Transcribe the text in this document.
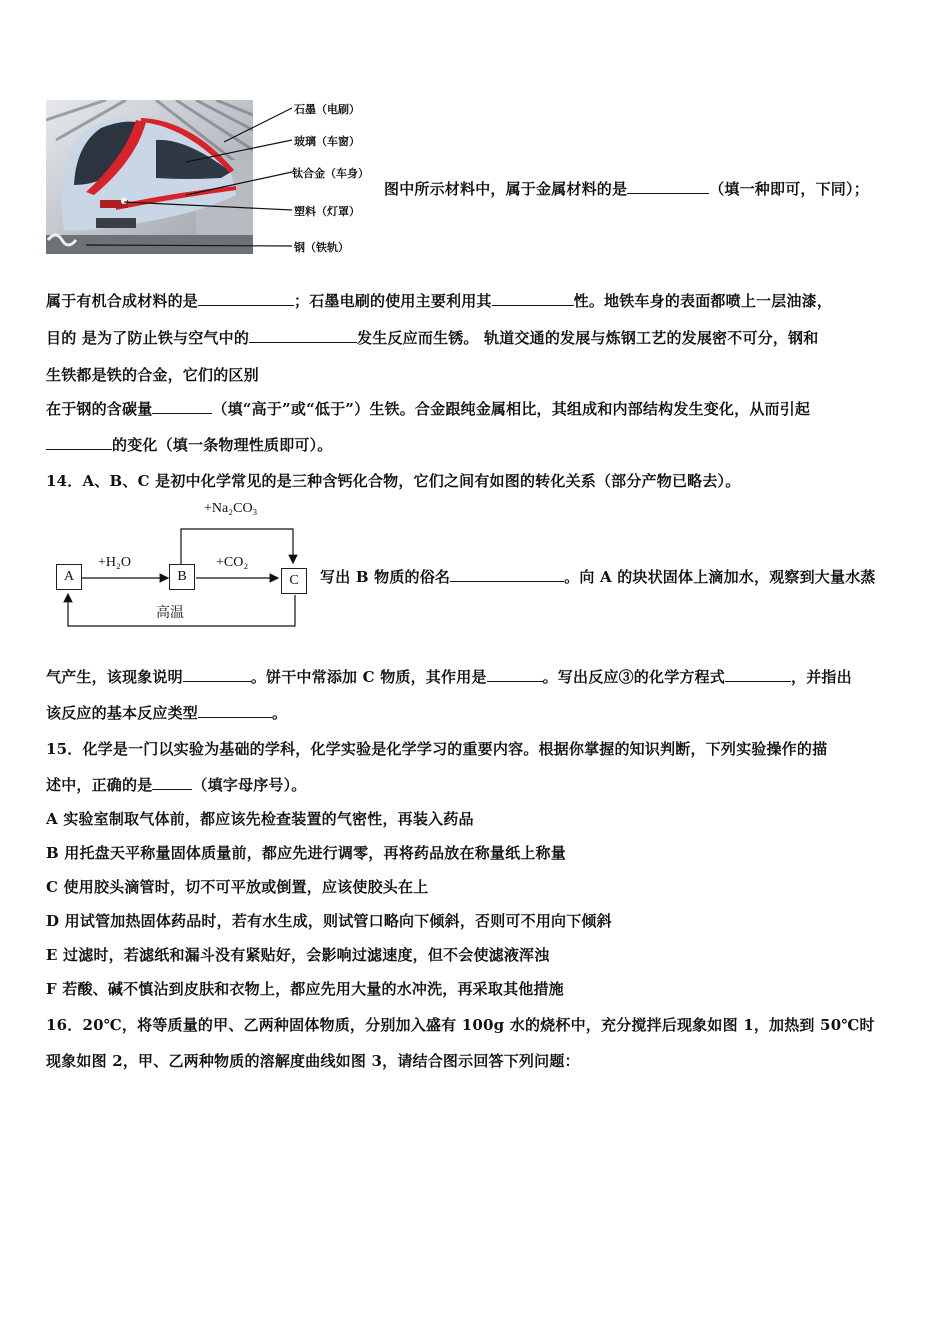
石墨（电刷）
玻璃（车窗）
钛合金（车身）
塑料（灯罩）
钢（铁轨）
图中所示材料中，属于金属材料的是	（填一种即可，下同）；
属于有机合成材料的是	；石墨电刷的使用主要利用其	性。地铁车身的表面都喷上一层油漆，
目的 是为了防止铁与空气中的	发生反应而生锈。 轨道交通的发展与炼钢工艺的发展密不可分，钢和
生铁都是铁的合金，它们的区别
在于钢的含碳量	（填“高于”或“低于”）生铁。合金跟纯金属相比，其组成和内部结构发生变化，从而引起
的变化（填一条物理性质即可）。
14．A、B、C 是初中化学常见的是三种含钙化合物，它们之间有如图的转化关系（部分产物已略去）。
A	B	C
+H₂O	+CO₂
+Na₂CO₃
高温
写出 B 物质的俗名	。向 A 的块状固体上滴加水，观察到大量水蒸
气产生，该现象说明	。饼干中常添加 C 物质，其作用是	。写出反应③的化学方程式	，并指出
该反应的基本反应类型	。
15．化学是一门以实验为基础的学科，化学实验是化学学习的重要内容。根据你掌握的知识判断，下列实验操作的描
述中，正确的是	（填字母序号）。
A 实验室制取气体前，都应该先检查装置的气密性，再装入药品
B 用托盘天平称量固体质量前，都应先进行调零，再将药品放在称量纸上称量
C 使用胶头滴管时，切不可平放或倒置，应该使胶头在上
D 用试管加热固体药品时，若有水生成，则试管口略向下倾斜，否则可不用向下倾斜
E 过滤时，若滤纸和漏斗没有紧贴好，会影响过滤速度，但不会使滤液浑浊
F 若酸、碱不慎沾到皮肤和衣物上，都应先用大量的水冲洗，再采取其他措施
16．20℃，将等质量的甲、乙两种固体物质，分别加入盛有 100g 水的烧杯中，充分搅拌后现象如图 1，加热到 50℃时
现象如图 2，甲、乙两种物质的溶解度曲线如图 3，请结合图示回答下列问题：
